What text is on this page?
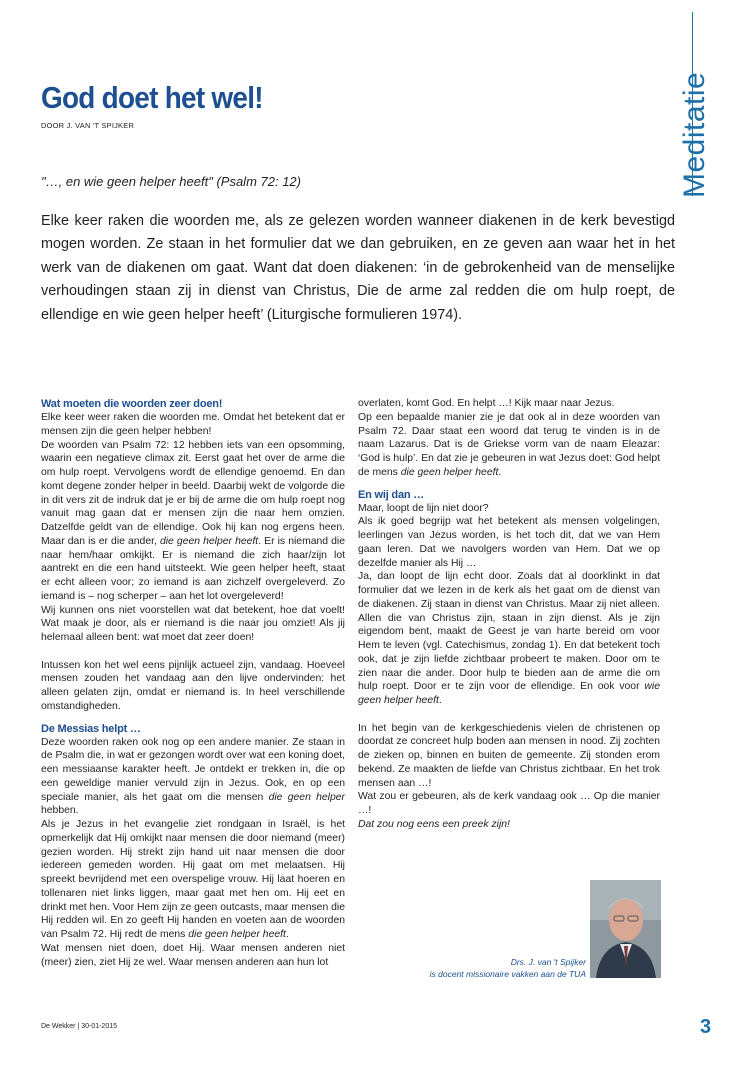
Meditatie
God doet het wel!
DOOR J. VAN 'T SPIJKER
"…, en wie geen helper heeft" (Psalm 72: 12)
Elke keer raken die woorden me, als ze gelezen worden wanneer diakenen in de kerk bevestigd mogen worden. Ze staan in het formulier dat we dan gebruiken, en ze geven aan waar het in het werk van de diakenen om gaat. Want dat doen diakenen: ‘in de gebrokenheid van de menselijke verhoudingen staan zij in dienst van Christus, Die de arme zal redden die om hulp roept, de ellendige en wie geen helper heeft’ (Liturgische formulieren 1974).
Wat moeten die woorden zeer doen!

Elke keer weer raken die woorden me. Omdat het betekent dat er mensen zijn die geen helper hebben!

De woorden van Psalm 72: 12 hebben iets van een opsomming, waarin een negatieve climax zit. Eerst gaat het over de arme die om hulp roept. Vervolgens wordt de ellendige genoemd. En dan komt degene zonder helper in beeld. Daarbij wekt de volgorde die in dit vers zit de indruk dat je er bij de arme die om hulp roept nog vanuit mag gaan dat er mensen zijn die naar hem omzien. Datzelfde geldt van de ellendige. Ook hij kan nog ergens heen. Maar dan is er die ander, die geen helper heeft. Er is niemand die naar hem/haar omkijkt. Er is niemand die zich haar/zijn lot aantrekt en die een hand uitsteekt. Wie geen helper heeft, staat er echt alleen voor; zo iemand is aan zichzelf overgeleverd. Zo iemand is – nog scherper – aan het lot overgeleverd!

Wij kunnen ons niet voorstellen wat dat betekent, hoe dat voelt! Wat maak je door, als er niemand is die naar jou omziet! Als jij helemaal alleen bent: wat moet dat zeer doen!

Intussen kon het wel eens pijnlijk actueel zijn, vandaag. Hoeveel mensen zouden het vandaag aan den lijve ondervinden: het alleen gelaten zijn, omdat er niemand is. In heel verschillende omstandigheden.

De Messias helpt …

Deze woorden raken ook nog op een andere manier. Ze staan in de Psalm die, in wat er gezongen wordt over wat een koning doet, een messiaanse karakter heeft. Je ontdekt er trekken in, die op een geweldige manier vervuld zijn in Jezus. Ook, en op een speciale manier, als het gaat om die mensen die geen helper hebben.

Als je Jezus in het evangelie ziet rondgaan in Israël, is het opmerkelijk dat Hij omkijkt naar mensen die door niemand (meer) gezien worden. Hij strekt zijn hand uit naar mensen die door iedereen gemeden worden. Hij gaat om met melaatsen. Hij spreekt bevrijdend met een overspelige vrouw. Hij laat hoeren en tollenaren niet links liggen, maar gaat met hen om. Hij eet en drinkt met hen. Voor Hem zijn ze geen outcasts, maar mensen die Hij redden wil. En zo geeft Hij handen en voeten aan de woorden van Psalm 72. Hij redt de mens die geen helper heeft.

Wat mensen niet doen, doet Hij. Waar mensen anderen niet (meer) zien, ziet Hij ze wel. Waar mensen anderen aan hun lot

overlaten, komt God. En helpt …! Kijk maar naar Jezus.

Op een bepaalde manier zie je dat ook al in deze woorden van Psalm 72. Daar staat een woord dat terug te vinden is in de naam Lazarus. Dat is de Griekse vorm van de naam Eleazar: ‘God is hulp’. En dat zie je gebeuren in wat Jezus doet: God helpt de mens die geen helper heeft.

En wij dan …

Maar, loopt de lijn niet door?

Als ik goed begrijp wat het betekent als mensen volgelingen, leerlingen van Jezus worden, is het toch dit, dat we van Hem gaan leren. Dat we navolgers worden van Hem. Dat we op dezelfde manier als Hij …

Ja, dan loopt de lijn echt door. Zoals dat al doorklinkt in dat formulier dat we lezen in de kerk als het gaat om de dienst van de diakenen. Zij staan in dienst van Christus. Maar zij niet alleen. Allen die van Christus zijn, staan in zijn dienst. Als je zijn eigendom bent, maakt de Geest je van harte bereid om voor Hem te leven (vgl. Catechismus, zondag 1). En dat betekent toch ook, dat je zijn liefde zichtbaar probeert te maken. Door om te zien naar die ander. Door hulp te bieden aan de arme die om hulp roept. Door er te zijn voor de ellendige. En ook voor wie geen helper heeft.

In het begin van de kerkgeschiedenis vielen de christenen op doordat ze concreet hulp boden aan mensen in nood. Zij zochten de zieken op, binnen en buiten de gemeente. Zij stonden erom bekend. Ze maakten de liefde van Christus zichtbaar. En het trok mensen aan …!

Wat zou er gebeuren, als de kerk vandaag ook … Op die manier …!

Dat zou nog eens een preek zijn!

Drs. J. van 't Spijker
is docent missionaire vakken aan de TUA
De Wekker | 30-01-2015	3
